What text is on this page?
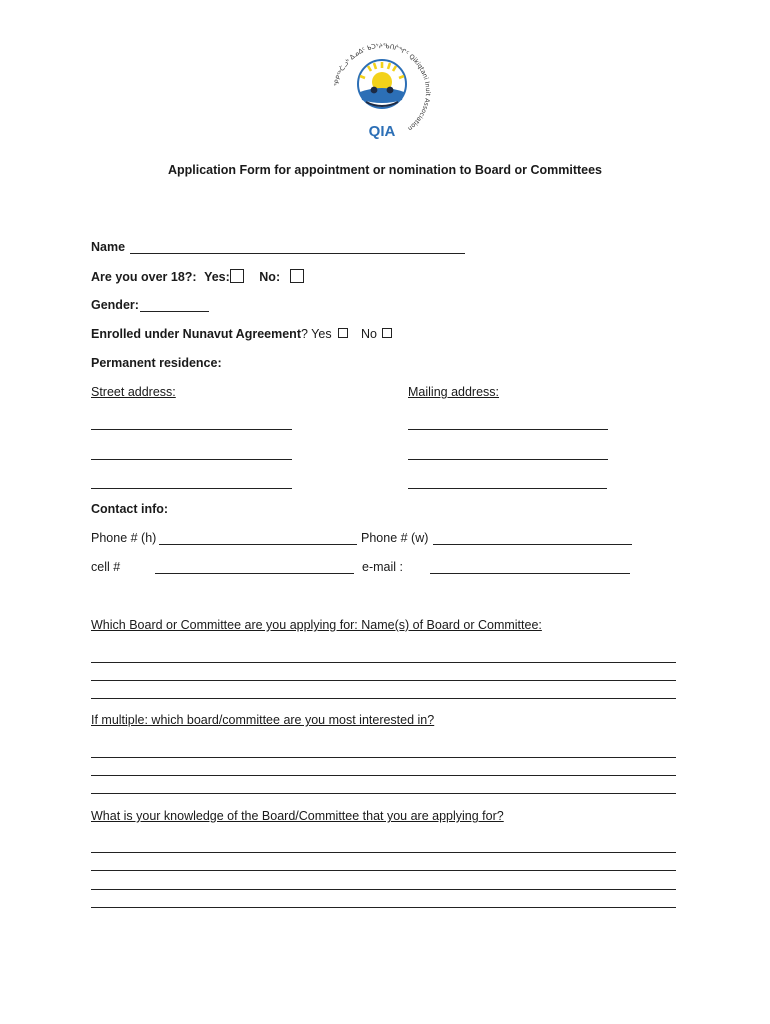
ᕿᑭᖅᑖᓗᒃ ᐃᓄᐃᑦ ᑲᑐᔾᔨᖃᑎᒌᖏᑦ Qikiqtani Inuit Association
QIA
Application Form for appointment or nomination to Board or Committees
Name
Are you over 18?: Yes: No:
Gender:
Enrolled under Nunavut Agreement? Yes	No
Permanent residence:
Street address:	Mailing address:
Contact info:
Phone # (h)	Phone # (w)
cell #	e-mail :
Which Board or Committee are you applying for: Name(s) of Board or Committee:
If multiple: which board/committee are you most interested in?
What is your knowledge of the Board/Committee that you are applying for?
